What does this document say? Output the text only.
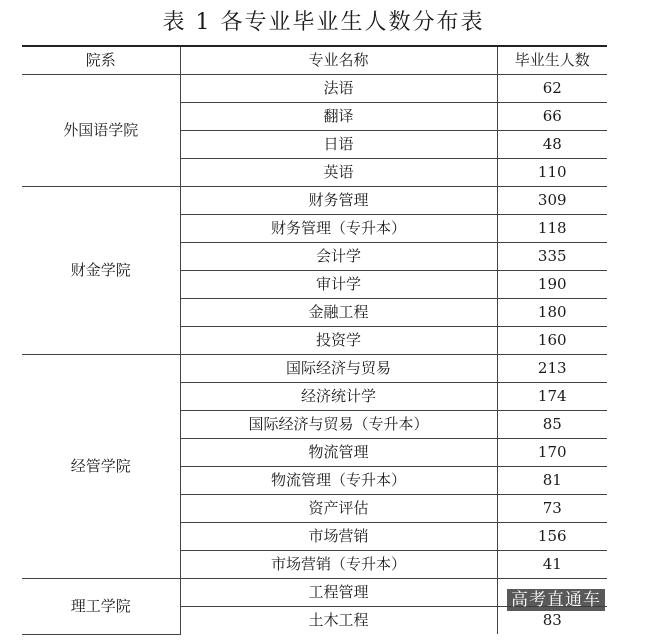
表 1 各专业毕业生人数分布表
院系	专业名称	毕业生人数
外国语学院	法语	62
	翻译	66
	日语	48
	英语	110
财金学院	财务管理	309
	财务管理（专升本）	118
	会计学	335
	审计学	190
	金融工程	180
	投资学	160
经管学院	国际经济与贸易	213
	经济统计学	174
	国际经济与贸易（专升本）	85
	物流管理	170
	物流管理（专升本）	81
	资产评估	73
	市场营销	156
	市场营销（专升本）	41
理工学院	工程管理	
	土木工程	83
高考直通车
